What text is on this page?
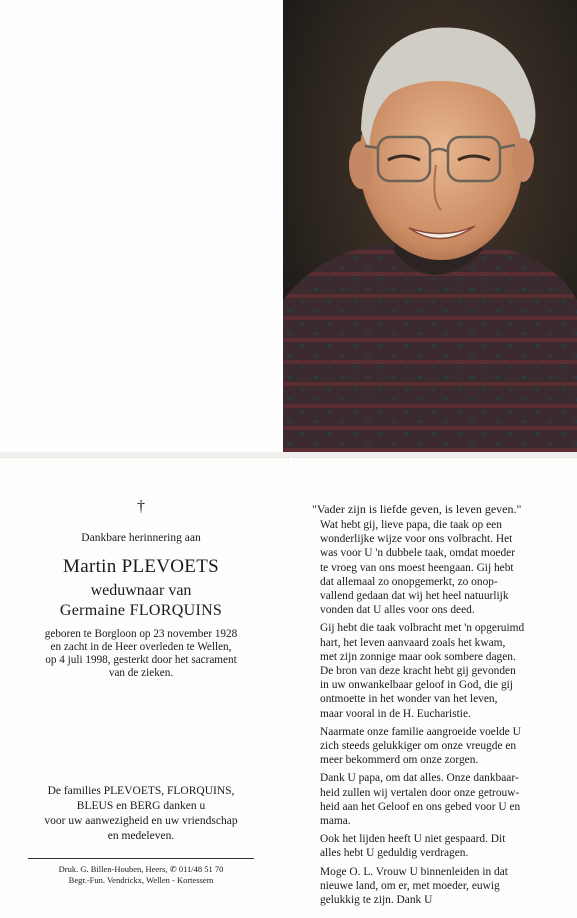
†
Dankbare herinnering aan
Martin PLEVOETS
weduwnaar van
Germaine FLORQUINS
geboren te Borgloon op 23 november 1928
en zacht in de Heer overleden te Wellen,
op 4 juli 1998, gesterkt door het sacrament
van de zieken.
De families PLEVOETS, FLORQUINS,
BLEUS en BERG danken u
voor uw aanwezigheid en uw vriendschap
en medeleven.
Druk. G. Billen-Houben, Heers, ✆ 011/48 51 70
Begr.-Fun. Vendrickx, Wellen - Kortessem
"Vader zijn is liefde geven, is leven geven."

Wat hebt gij, lieve papa, die taak op een
wonderlijke wijze voor ons volbracht. Het
was voor U 'n dubbele taak, omdat moeder
te vroeg van ons moest heengaan. Gij hebt
dat allemaal zo onopgemerkt, zo onop-
vallend gedaan dat wij het heel natuurlijk
vonden dat U alles voor ons deed.

Gij hebt die taak volbracht met 'n opgeruimd
hart, het leven aanvaard zoals het kwam,
met zijn zonnige maar ook sombere dagen.
De bron van deze kracht hebt gij gevonden
in uw onwankelbaar geloof in God, die gij
ontmoette in het wonder van het leven,
maar vooral in de H. Eucharistie.

Naarmate onze familie aangroeide voelde U
zich steeds gelukkiger om onze vreugde en
meer bekommerd om onze zorgen.

Dank U papa, om dat alles. Onze dankbaar-
heid zullen wij vertalen door onze getrouw-
heid aan het Geloof en ons gebed voor U en
mama.

Ook het lijden heeft U niet gespaard. Dit
alles hebt U geduldig verdragen.

Moge O. L. Vrouw U binnenleiden in dat
nieuwe land, om er, met moeder, euwig
gelukkig te zijn. Dank U
